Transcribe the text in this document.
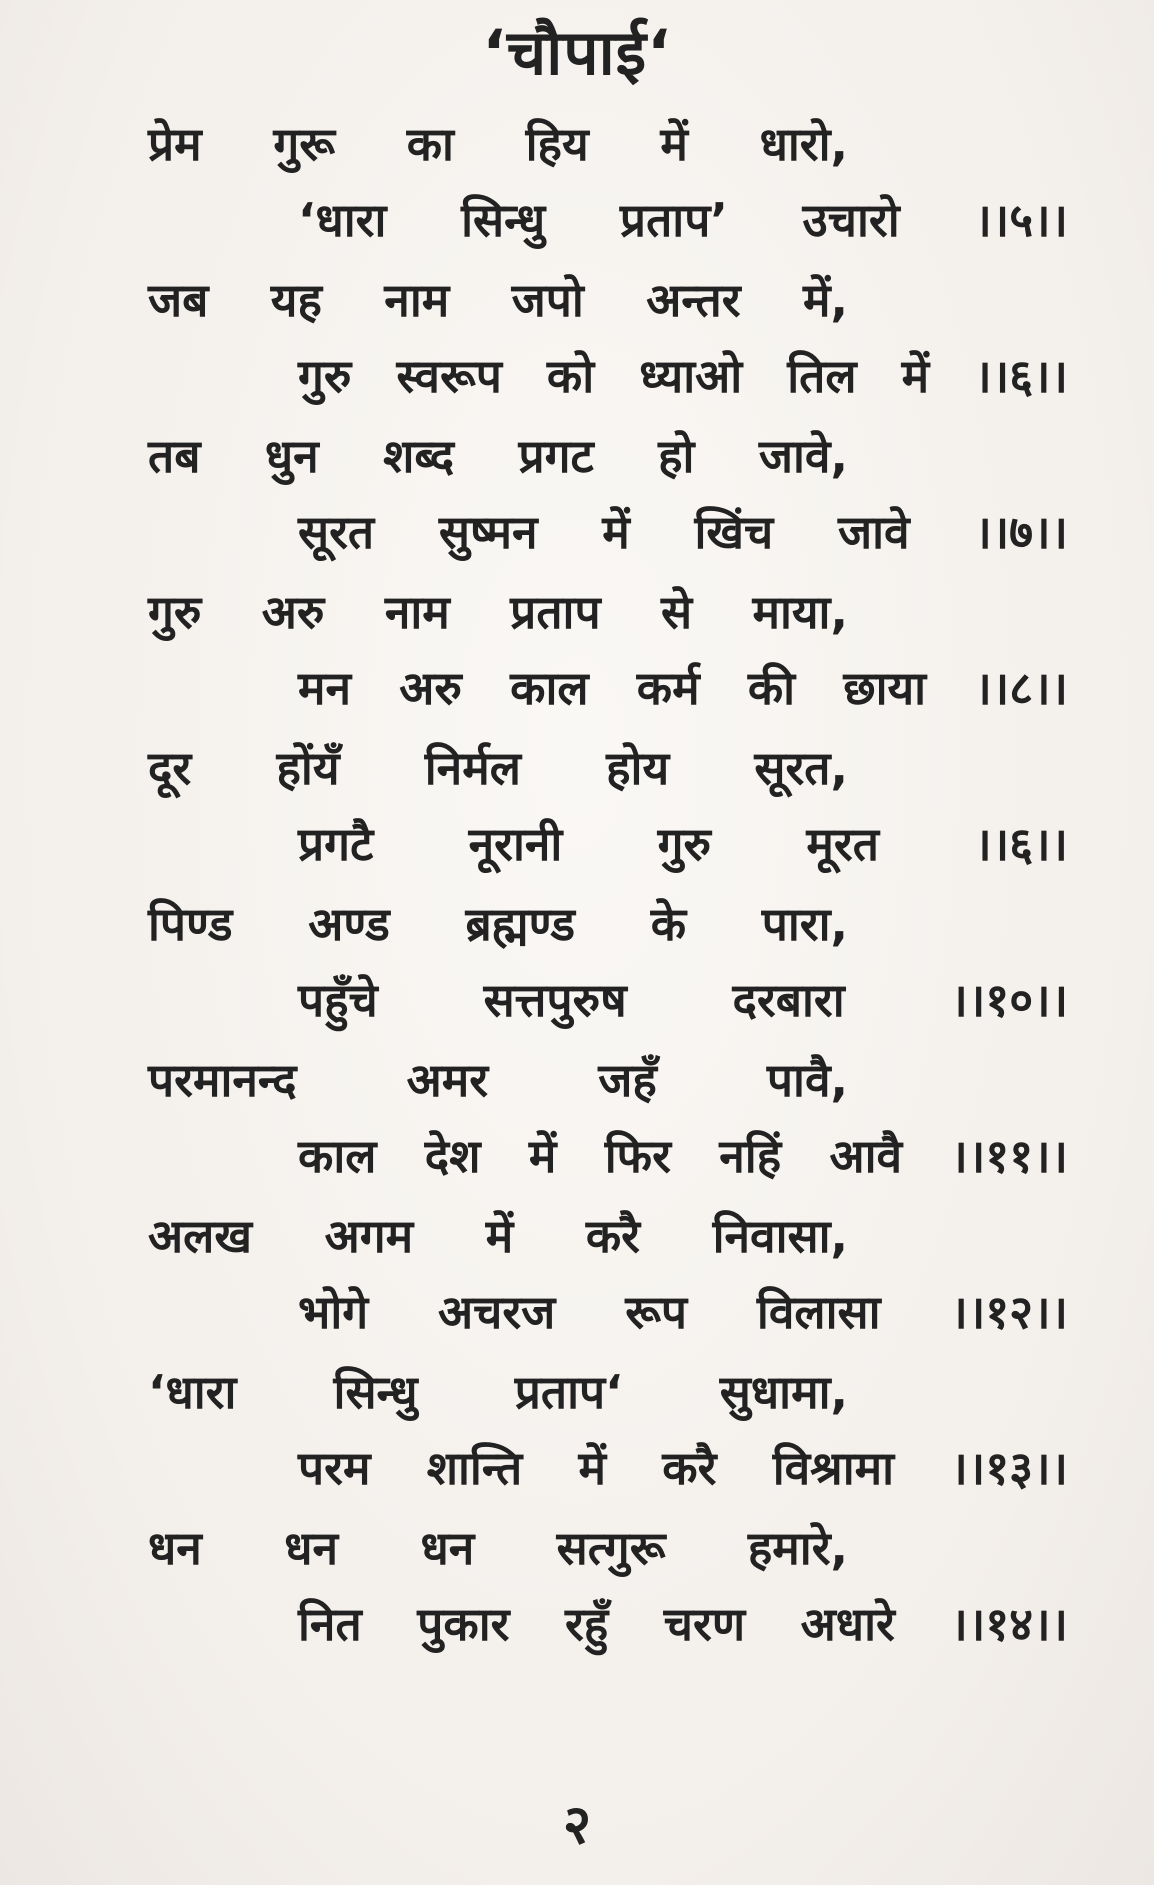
‘चौपाई‘
प्रेम गुरू का हिय में धारो,
‘धारा सिन्धु प्रताप’ उचारो ।।५।।
जब यह नाम जपो अन्तर में,
गुरु स्वरूप को ध्याओ तिल में ।।६।।
तब धुन शब्द प्रगट हो जावे,
सूरत सुष्मन में खिंच जावे ।।७।।
गुरु अरु नाम प्रताप से माया,
मन अरु काल कर्म की छाया ।।८।।
दूर होंयँ निर्मल होय सूरत,
प्रगटै नूरानी गुरु मूरत ।।६।।
पिण्ड अण्ड ब्रह्मण्ड के पारा,
पहुँचे सत्तपुरुष दरबारा ।।१०।।
परमानन्द अमर जहँ पावै,
काल देश में फिर नहिं आवै ।।११।।
अलख अगम में करै निवासा,
भोगे अचरज रूप विलासा ।।१२।।
‘धारा सिन्धु प्रताप‘ सुधामा,
परम शान्ति में करै विश्रामा ।।१३।।
धन धन धन सत्गुरू हमारे,
नित पुकार रहुँ चरण अधारे ।।१४।।
२
